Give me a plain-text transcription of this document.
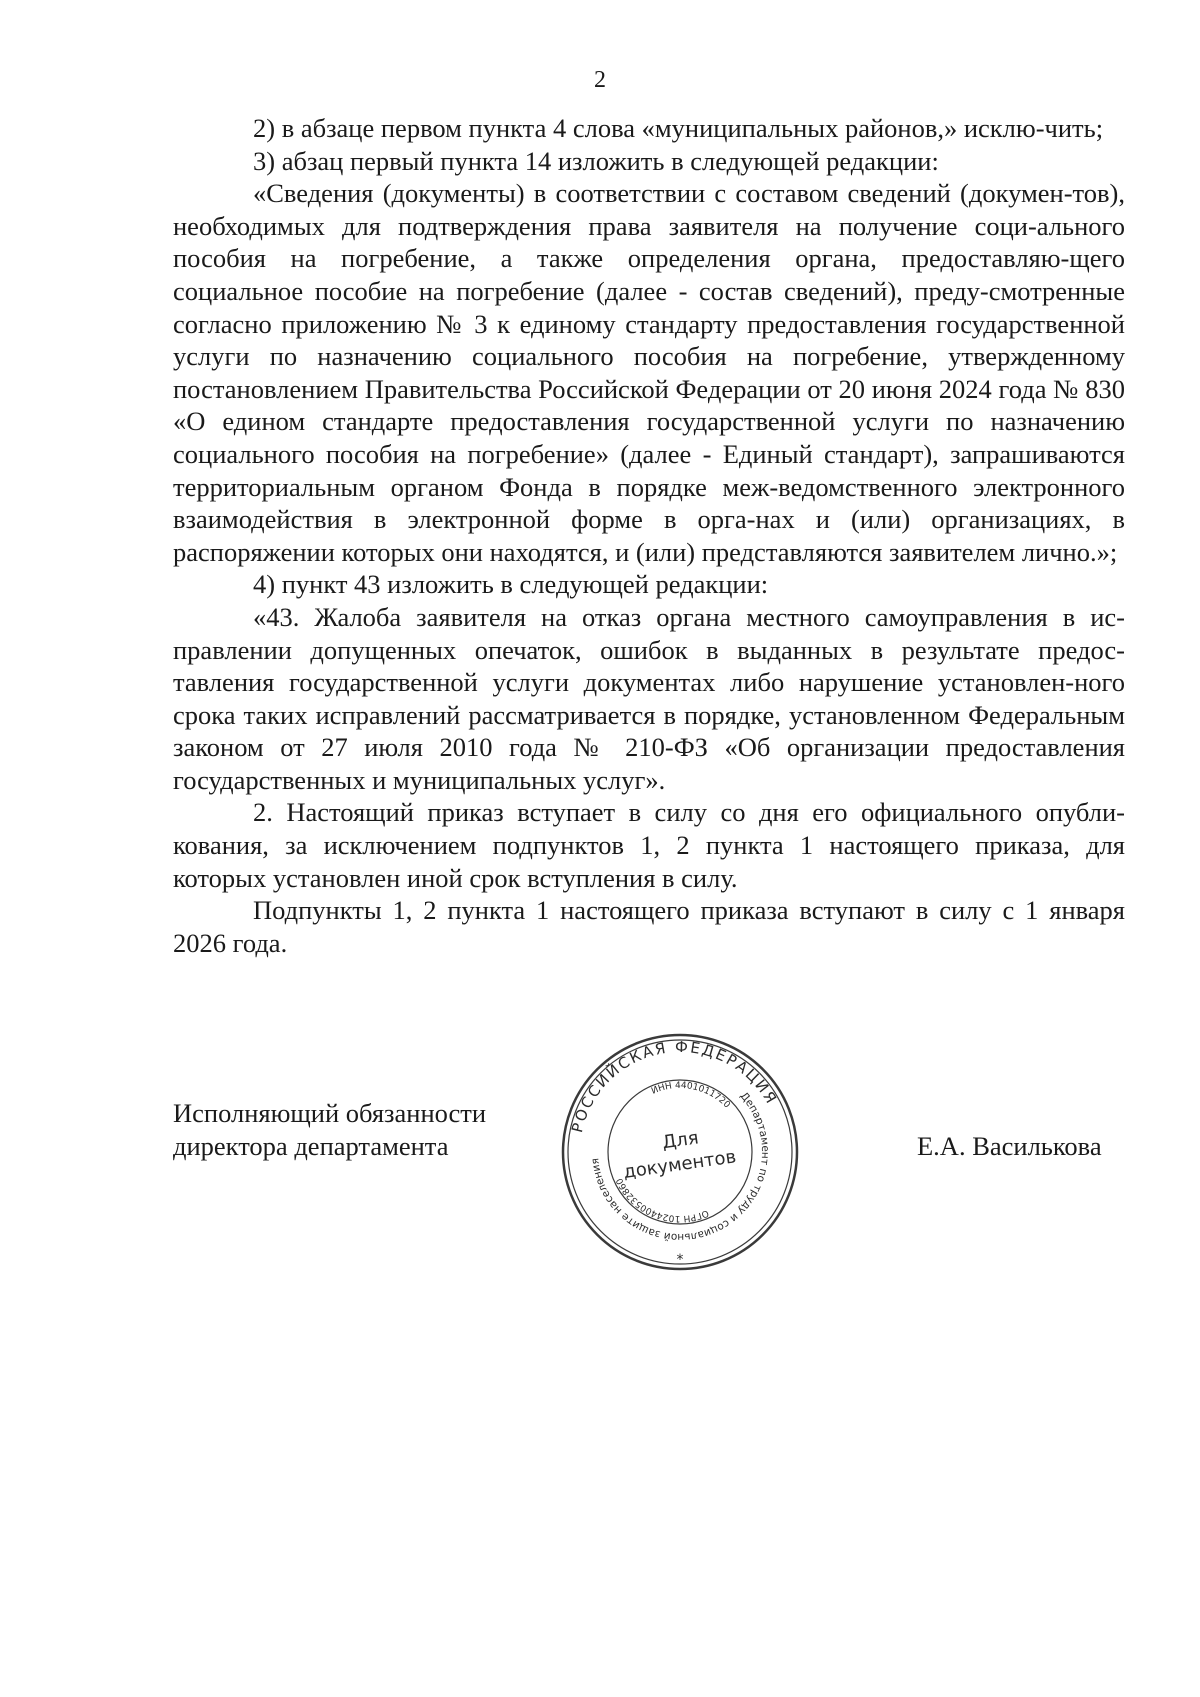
2

2) в абзаце первом пункта 4 слова «муниципальных районов,» исклю-чить;

3) абзац первый пункта 14 изложить в следующей редакции:

«Сведения (документы) в соответствии с составом сведений (докумен-тов), необходимых для подтверждения права заявителя на получение соци-ального пособия на погребение, а также определения органа, предоставляю-щего социальное пособие на погребение (далее - состав сведений), преду-смотренные согласно приложению № 3 к единому стандарту предоставления государственной услуги по назначению социального пособия на погребение, утвержденному постановлением Правительства Российской Федерации от 20 июня 2024 года № 830 «О едином стандарте предоставления государственной услуги по назначению социального пособия на погребение» (далее - Единый стандарт), запрашиваются территориальным органом Фонда в порядке меж-ведомственного электронного взаимодействия в электронной форме в орга-нах и (или) организациях, в распоряжении которых они находятся, и (или) представляются заявителем лично.»;

4) пункт 43 изложить в следующей редакции:

«43. Жалоба заявителя на отказ органа местного самоуправления в ис-правлении допущенных опечаток, ошибок в выданных в результате предос-тавления государственной услуги документах либо нарушение установлен-ного срока таких исправлений рассматривается в порядке, установленном Федеральным законом от 27 июля 2010 года № 210-ФЗ «Об организации предоставления государственных и муниципальных услуг».

2. Настоящий приказ вступает в силу со дня его официального опубли-кования, за исключением подпунктов 1, 2 пункта 1 настоящего приказа, для которых установлен иной срок вступления в силу.

Подпункты 1, 2 пункта 1 настоящего приказа вступают в силу с 1 января 2026 года.

Исполняющий обязанности
директора департамента	Е.А. Василькова
РОССИЙСКАЯ ФЕДЕРАЦИЯ
Департамент по труду и социальной защите населения
ИНН 4401011720
ОГРН 1024400532860
Для
документов
*
